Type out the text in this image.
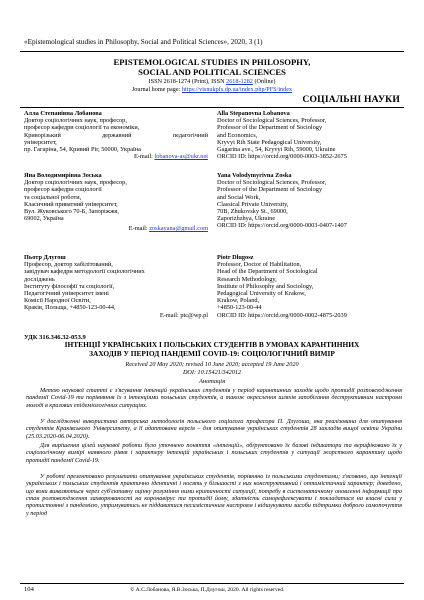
«Epistemological studies in Philosophy, Social and Political Sciences», 2020, 3 (1)
EPISTEMOLOGICAL STUDIES IN PHILOSOPHY,
SOCIAL AND POLITICAL SCIENCES
ISSN 2618-1274 (Print), ISSN 2618-1282 (Online)
Journal home page: https://visnukpfs.dp.ua/index.php/PFS/index
СОЦІАЛЬНІ НАУКИ
Алла Степанівна Лобанова
Доктор соціологічних наук, професор,
професор кафедри соціології та економіки,
Криворізький державний педагогічний
університет,
пр. Гагаріна, 54, Кривий Ріг, 50000, Україна
E-mail: lobanova-as@ukr.net
Яна Володимирівна Зоська
Доктор соціологічних наук, професор,
професор кафедри соціології
та соціальної роботи,
Класичний приватний університет,
Вул. Жуковського 70-Б, Запоріжжя,
69002, Україна
E-mail: zoskayana@gmail.com
Пьотр Длугош
Професор, доктор хабілітований,
завідувач кафедри методології соціологічних
досліджень
Інституту філософії та соціології,
Педагогічний університет імені
Комісії Народної Освіти,
Краків, Польща, +4850-123-00-44,
E-mail: ptc@wp.pl
Alla Stepanovna Lobanova
Doctor of Sociological Sciences, Professor,
Professor of the Department of Sociology
and Economics,
Kryvyi Rih State Pedagogical University,
Gagarina ave., 54, Kryvyi Rih, 59000, Ukraine
ORCID ID: https://orcid.org/0000-0003-3852-2675
Yana Volodymyrivna Zoska
Doctor of Sociological Sciences, Professor,
Professor of the Department of Sociology
and Social Work,
Classical Private University,
70B, Zhukovsky St., 69000,
Zaporizhzhya, Ukraine
ORCID ID: https://orcid.org/0000-0003-0407-1407
Piotr Dlugosz
Professor, Doctor of Habilitation,
Head of the Department of Sociological
Research Methodology,
Institute of Philosophy and Sociology,
Pedagogical University of Krakow,
Krakow, Poland,
+4850-123-00-44
ORCID ID: https://orcid.org/0000-0002-4875-2039
УДК 316.346.32-053.9
ІНТЕНЦІЇ УКРАЇНСЬКИХ І ПОЛЬСЬКИХ СТУДЕНТІВ В УМОВАХ КАРАНТИННИХ
ЗАХОДІВ У ПЕРІОД ПАНДЕМІЇ COVID-19: СОЦІОЛОГІЧНИЙ ВИМІР
Received 20 May 2020; revised 10 June 2020; accepted 19 June 2020
DOI: 10.15421/342012
Анотація
Метою наукової статті є з'ясування інтенцій українських студентів у період карантинних заходів щодо протидії розповсюдження пандемії Covid-19 та порівняння їх з інтенціями польських студентів, а також окреслення шляхів запобігання деструктивним настроям молоді в кризових епідеміологічних ситуаціях.
У дослідженні використана авторська методологія польського соціолога професора П. Длугоша, яка реалізована для опитування студентів Краківського Університету, а її адаптована версія – для опитування українських студентів 28 закладів вищої освіти України (25.03.2020-06.04.2020).
Для вирішення цілей наукової роботи було уточнено поняття «інтенцій», обґрунтовано їх базові індикатори та верифіковано їх у соціологічному вимірі наявного рівня і характеру інтенцій українських і польських студентів у ситуації жорсткого карантину щодо протидії пандемії Covid-19.
У роботі презентовано результати опитування українських студентів, порівняно із польськими студентами; з'ясовано, що інтенції українських і польських студентів практично ідентичні і носять у більшості з них конструктивний і оптимістичний характер; доведено, що вони виявляються через суб'єктивну оцінку розуміння ними критичності ситуації, потребу в систематичному оновленні інформації про стан розповсюдження захворюваності на коронавірус та протидії йому, здатність саморефлексувати і покладатися на власні сили у протистоянні з пандемією, утримуватись не піддаватися песимістичним настроям і відшукувати засоби підтримки доброго самопочуття у період
104	© А.С.Лобанова, Я.В.Зоська, П.Длугош, 2020. All rights reserved.
